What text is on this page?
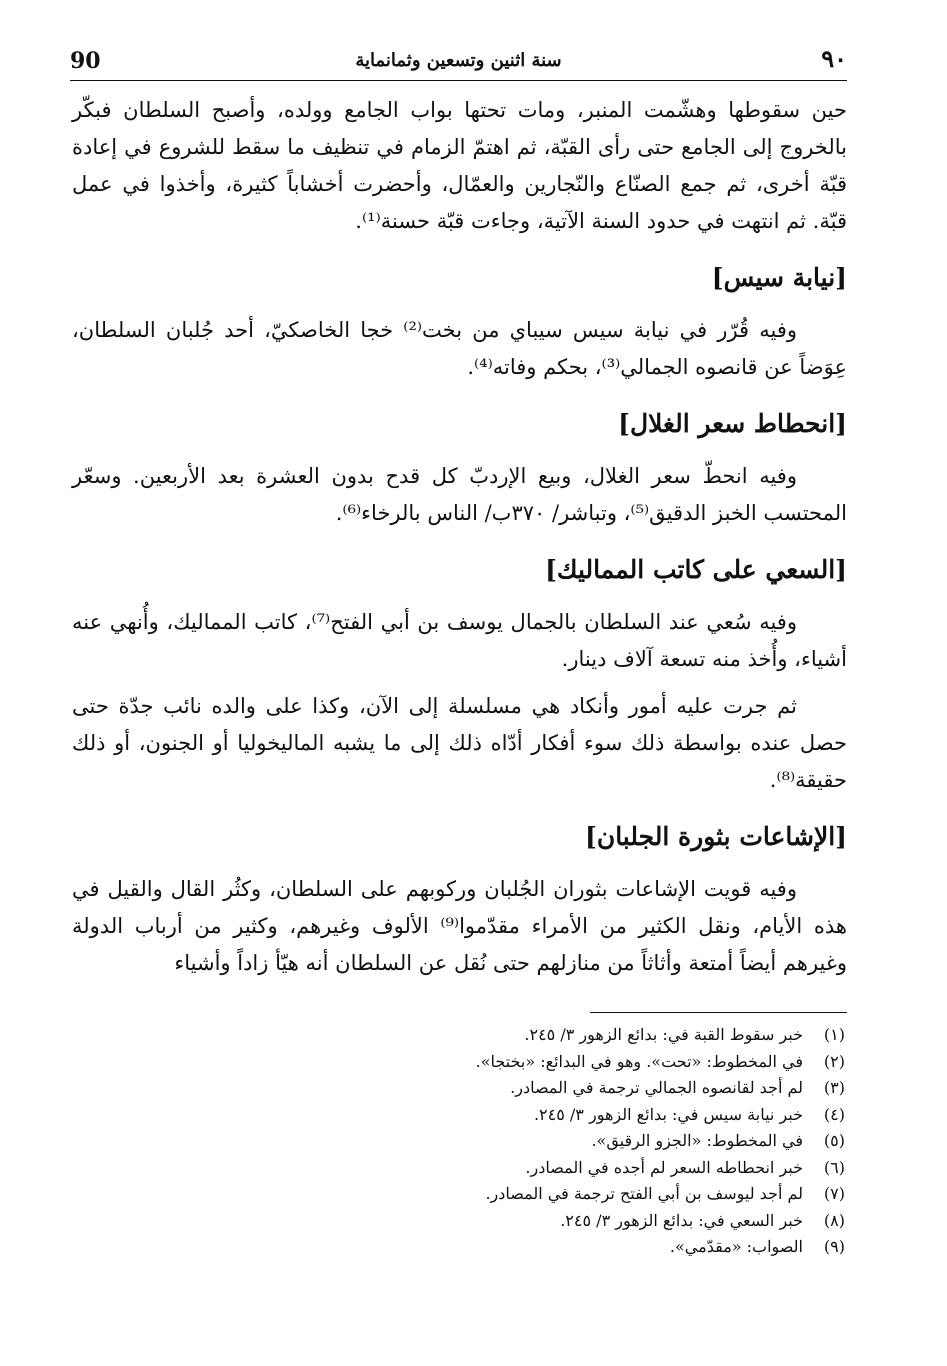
90	سنة اثنين وتسعين وثمانماية	٩٠

حين سقوطها وهشّمت المنبر، ومات تحتها بواب الجامع وولده، وأصبح السلطان فبكّر بالخروج إلى الجامع حتى رأى القبّة، ثم اهتمّ الزمام في تنظيف ما سقط للشروع في إعادة قبّة أخرى، ثم جمع الصنّاع والنّجارين والعمّال، وأحضرت أخشاباً كثيرة، وأخذوا في عمل قبّة. ثم انتهت في حدود السنة الآتية، وجاءت قبّة حسنة⁽¹⁾.

[نيابة سيس]

وفيه قُرّر في نيابة سيس سيباي من بخت⁽²⁾ خجا الخاصكيّ، أحد جُلبان السلطان، عِوَضاً عن قانصوه الجمالي⁽³⁾، بحكم وفاته⁽⁴⁾.

[انحطاط سعر الغلال]

وفيه انحطّ سعر الغلال، وبيع الإردبّ كل قدح بدون العشرة بعد الأربعين. وسعّر المحتسب الخبز الدقيق⁽⁵⁾، وتباشر/ ٣٧٠ب/ الناس بالرخاء⁽⁶⁾.

[السعي على كاتب المماليك]

وفيه سُعي عند السلطان بالجمال يوسف بن أبي الفتح⁽⁷⁾، كاتب المماليك، وأُنهي عنه أشياء، وأُخذ منه تسعة آلاف دينار.

ثم جرت عليه أمور وأنكاد هي مسلسلة إلى الآن، وكذا على والده نائب جدّة حتى حصل عنده بواسطة ذلك سوء أفكار أدّاه ذلك إلى ما يشبه الماليخوليا أو الجنون، أو ذلك حقيقة⁽⁸⁾.

[الإشاعات بثورة الجلبان]

وفيه قويت الإشاعات بثوران الجُلبان وركوبهم على السلطان، وكثُر القال والقيل في هذه الأيام، ونقل الكثير من الأمراء مقدّموا⁽⁹⁾ الألوف وغيرهم، وكثير من أرباب الدولة وغيرهم أيضاً أمتعة وأثاثاً من منازلهم حتى نُقل عن السلطان أنه هيّأ زاداً وأشياء

(١)خبر سقوط القبة في: بدائع الزهور ٣/ ٢٤٥.
(٢)في المخطوط: «تحت». وهو في البدائع: «بختجا».
(٣)لم أجد لقانصوه الجمالي ترجمة في المصادر.
(٤)خبر نيابة سيس في: بدائع الزهور ٣/ ٢٤٥.
(٥)في المخطوط: «الجزو الرقيق».
(٦)خبر انحطاطه السعر لم أجده في المصادر.
(٧)لم أجد ليوسف بن أبي الفتح ترجمة في المصادر.
(٨)خبر السعي في: بدائع الزهور ٣/ ٢٤٥.
(٩)الصواب: «مقدّمي».
